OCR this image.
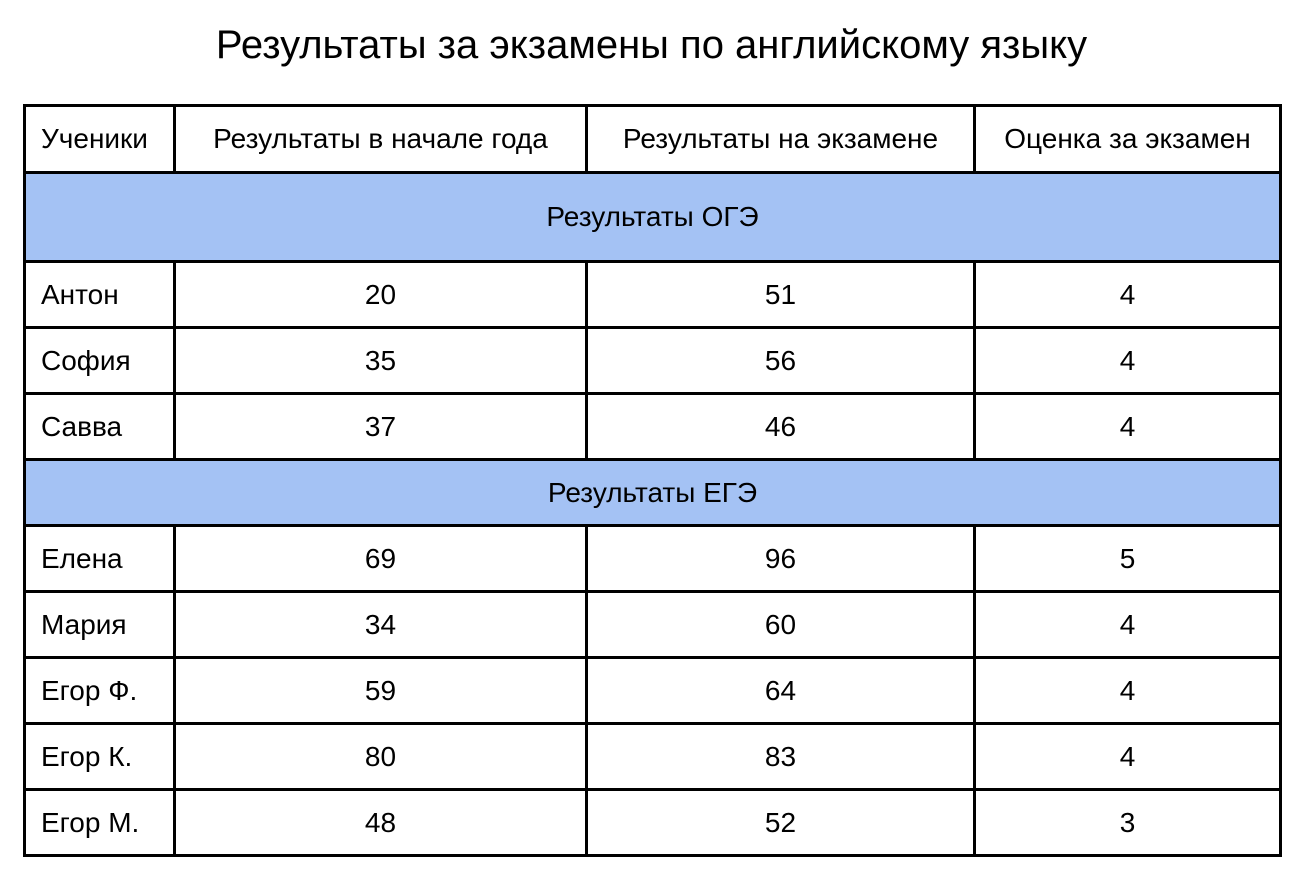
Результаты за экзамены по английскому языку
Ученики	Результаты в начале года	Результаты на экзамене	Оценка за экзамен
Результаты ОГЭ			
Антон	20	51	4
София	35	56	4
Савва	37	46	4
Результаты ЕГЭ			
Елена	69	96	5
Мария	34	60	4
Егор Ф.	59	64	4
Егор К.	80	83	4
Егор М.	48	52	3
